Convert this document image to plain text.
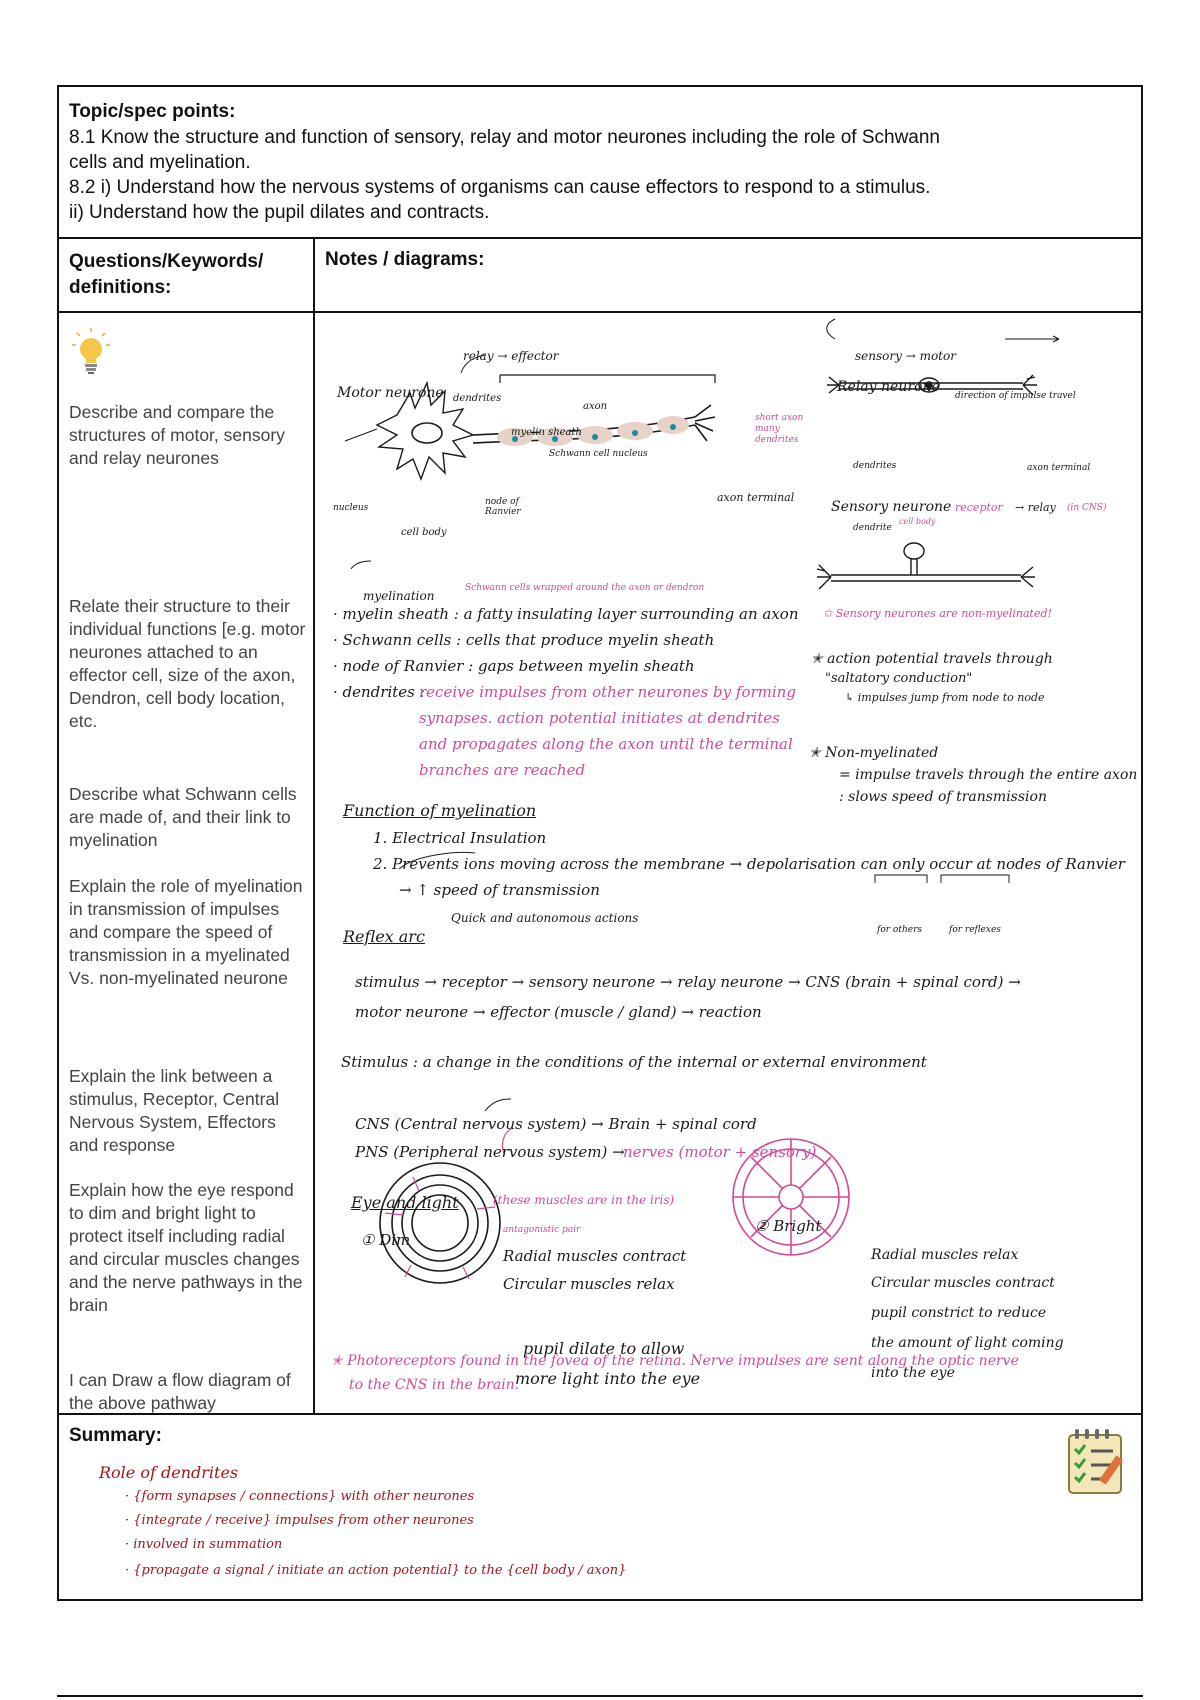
Topic/spec points:

8.1 Know the structure and function of sensory, relay and motor neurones including the role of Schwann

cells and myelination.

8.2 i) Understand how the nervous systems of organisms can cause effectors to respond to a stimulus.

ii) Understand how the pupil dilates and contracts.

Questions/Keywords/ definitions:
Notes / diagrams:

Describe and compare the structures of motor, sensory and relay neurones

Relate their structure to their individual functions [e.g. motor neurones attached to an effector cell, size of the axon, Dendron, cell body location, etc.

Describe what Schwann cells are made of, and their link to myelination

Explain the role of myelination in transmission of impulses and compare the speed of transmission in a myelinated Vs. non-myelinated neurone

Explain the link between a stimulus, Receptor, Central Nervous System, Effectors and response

Explain how the eye respond to dim and bright light to protect itself including radial and circular muscles changes and the nerve pathways in the brain

I can Draw a flow diagram of the above pathway

relay → effector	sensory → motor
Motor neurone dendrites
axon
myelin sheath
Schwann cell nucleus
nucleus
node of Ranvier
cell body
axon terminal
Relay neurone
direction of impulse travel
short axon many dendrites
dendrites	axon terminal
Sensory neurone receptor → relay (in CNS)
cell body
dendrite
✩ Sensory neurones are non-myelinated!
myelination
Schwann cells wrapped around the axon or dendron
· myelin sheath : a fatty insulating layer surrounding an axon
· Schwann cells : cells that produce myelin sheath
· node of Ranvier : gaps between myelin sheath
· dendrites :
receive impulses from other neurones by forming
synapses. action potential initiates at dendrites
and propagates along the axon until the terminal
branches are reached
✭ action potential travels through
"saltatory conduction"
↳ impulses jump from node to node
✭ Non-myelinated
= impulse travels through the entire axon
: slows speed of transmission
Function of myelination
1. Electrical Insulation
2. Prevents ions moving across the membrane → depolarisation can only occur at nodes of Ranvier
→ ↑ speed of transmission
Reflex arc
Quick and autonomous actions
for others	for reflexes
stimulus → receptor → sensory neurone → relay neurone → CNS (brain + spinal cord) →
motor neurone → effector (muscle / gland) → reaction
Stimulus : a change in the conditions of the internal or external environment
CNS (Central nervous system) → Brain + spinal cord
PNS (Peripheral nervous system) →
nerves (motor + sensory)
Eye and light	(these muscles are in the iris)
① Dim
antagonistic pair
Radial muscles contract
Circular muscles relax
pupil dilate to allow
more light into the eye
② Bright
Radial muscles relax
Circular muscles contract
pupil constrict to reduce
the amount of light coming
into the eye
✭ Photoreceptors found in the fovea of the retina. Nerve impulses are sent along the optic nerve
to the CNS in the brain.
Summary:
Role of dendrites
· {form synapses / connections} with other neurones
· {integrate / receive} impulses from other neurones
· involved in summation
· {propagate a signal / initiate an action potential} to the {cell body / axon}
